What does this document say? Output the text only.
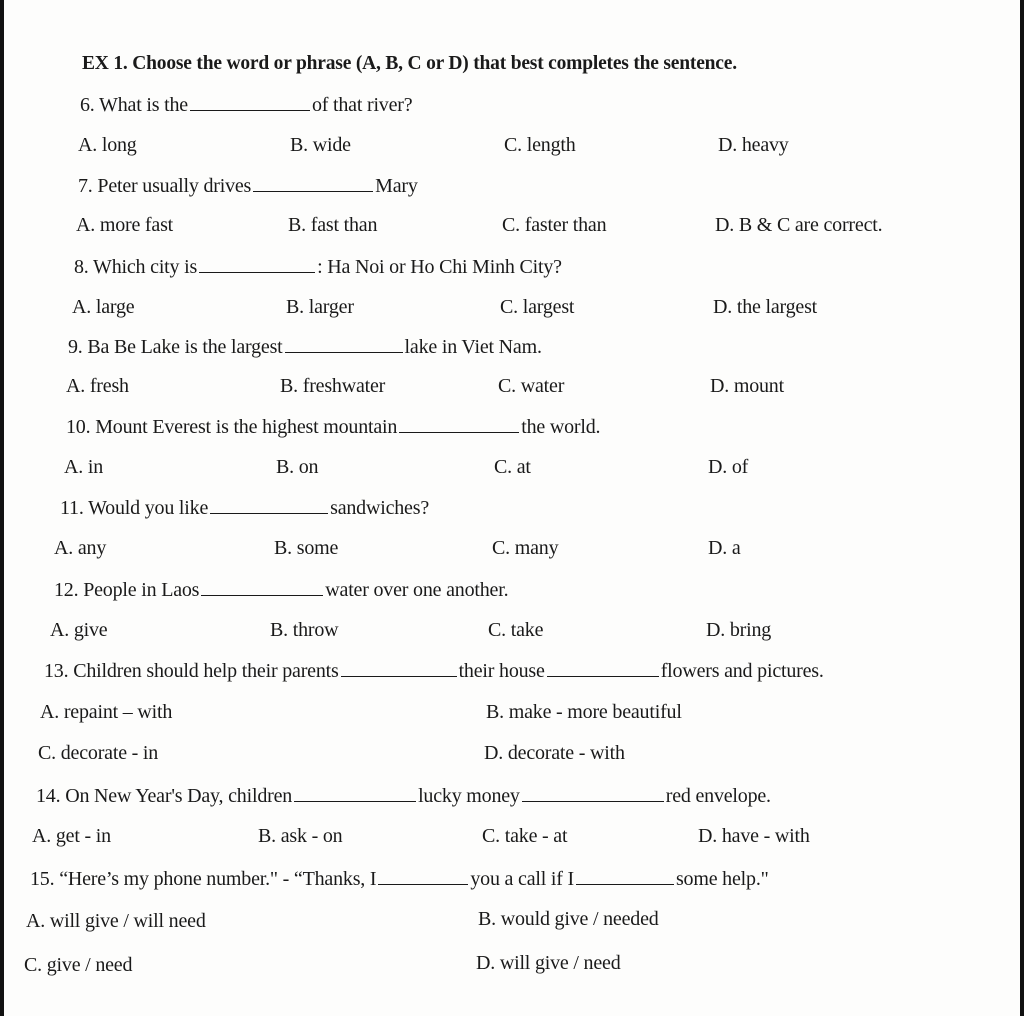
EX 1. Choose the word or phrase (A, B, C or D) that best completes the sentence.
6. What is the	of that river?
A. long	B. wide	C. length	D. heavy
7. Peter usually drives	Mary
A. more fast	B. fast than	C. faster than	D. B & C are correct.
8. Which city is	: Ha Noi or Ho Chi Minh City?
A. large	B. larger	C. largest	D. the largest
9. Ba Be Lake is the largest	lake in Viet Nam.
A. fresh	B. freshwater	C. water	D. mount
10. Mount Everest is the highest mountain	the world.
A. in	B. on	C. at	D. of
11. Would you like	sandwiches?
A. any	B. some	C. many	D. a
12. People in Laos	water over one another.
A. give	B. throw	C. take	D. bring
13. Children should help their parents	their house	flowers and pictures.
A. repaint – with	B. make - more beautiful
C. decorate - in	D. decorate - with
14. On New Year's Day, children	lucky money	red envelope.
A. get - in	B. ask - on	C. take - at	D. have - with
15. “Here’s my phone number." - “Thanks, I	you a call if I	some help."
A. will give / will need	B. would give / needed
C. give / need	D. will give / need
